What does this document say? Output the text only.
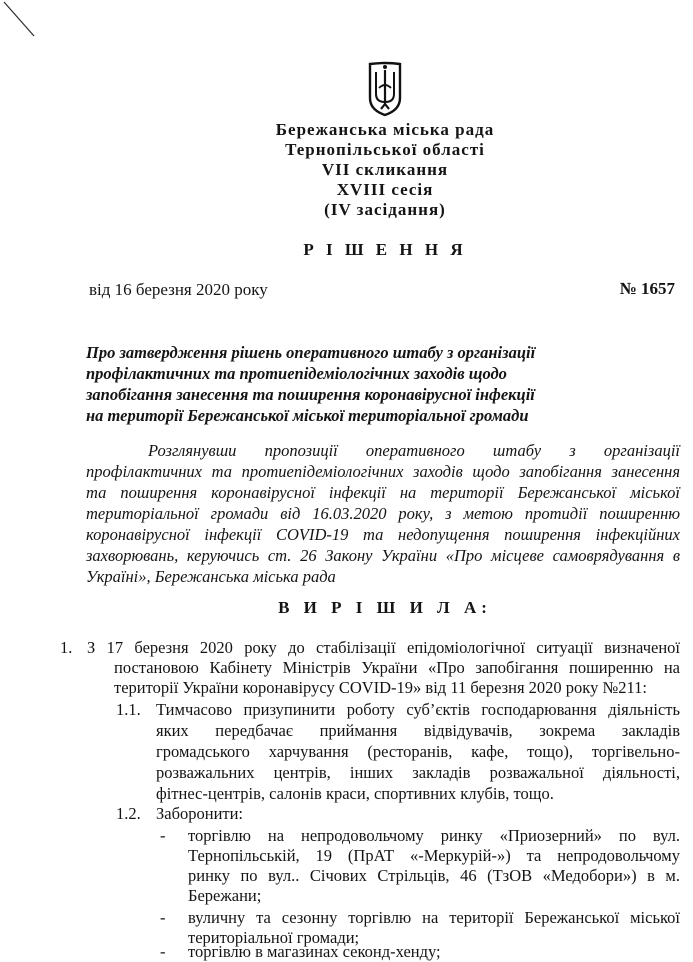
Бережанська міська рада
Тернопільської області
VII скликання
XVIII сесія
(IV засідання)
Р І Ш Е Н Н Я
від 16 березня 2020 року	№ 1657
Про затвердження рішень оперативного штабу з організації
профілактичних та протиепідеміологічних заходів щодо
запобігання занесення та поширення коронавірусної інфекції
на території Бережанської міської територіальної громади
Розглянувши пропозиції оперативного штабу з організації
профілактичних та протиепідеміологічних заходів щодо запобігання занесення
та поширення коронавірусної інфекції на території Бережанської міської
територіальної громади від 16.03.2020 року, з метою протидії поширенню
коронавірусної інфекції COVID-19 та недопущення поширення інфекційних
захворювань, керуючись ст. 26 Закону України «Про місцеве самоврядування в
Україні», Бережанська міська рада
В И Р І Ш И Л А:
1. З 17 березня 2020 року до стабілізації епідоміологічної ситуації визначеної
постановою Кабінету Міністрів України «Про запобігання поширенню на
території України коронавірусу COVID-19» від 11 березня 2020 року №211:
1.1. Тимчасово призупинити роботу суб’єктів господарювання діяльність
яких передбачає приймання відвідувачів, зокрема закладів
громадського харчування (ресторанів, кафе, тощо), торгівельно-
розважальних центрів, інших закладів розважальної діяльності,
фітнес-центрів, салонів краси, спортивних клубів, тощо.
1.2. Заборонити:
- торгівлю на непродовольчому ринку «Приозерний» по вул.
Тернопільській, 19 (ПрАТ «-Меркурій-») та непродовольчому
ринку по вул.. Січових Стрільців, 46 (ТзОВ «Медобори») в м.
Бережани;
- вуличну та сезонну торгівлю на території Бережанської міської
територіальної громади;
- торгівлю в магазинах секонд-хенду;
